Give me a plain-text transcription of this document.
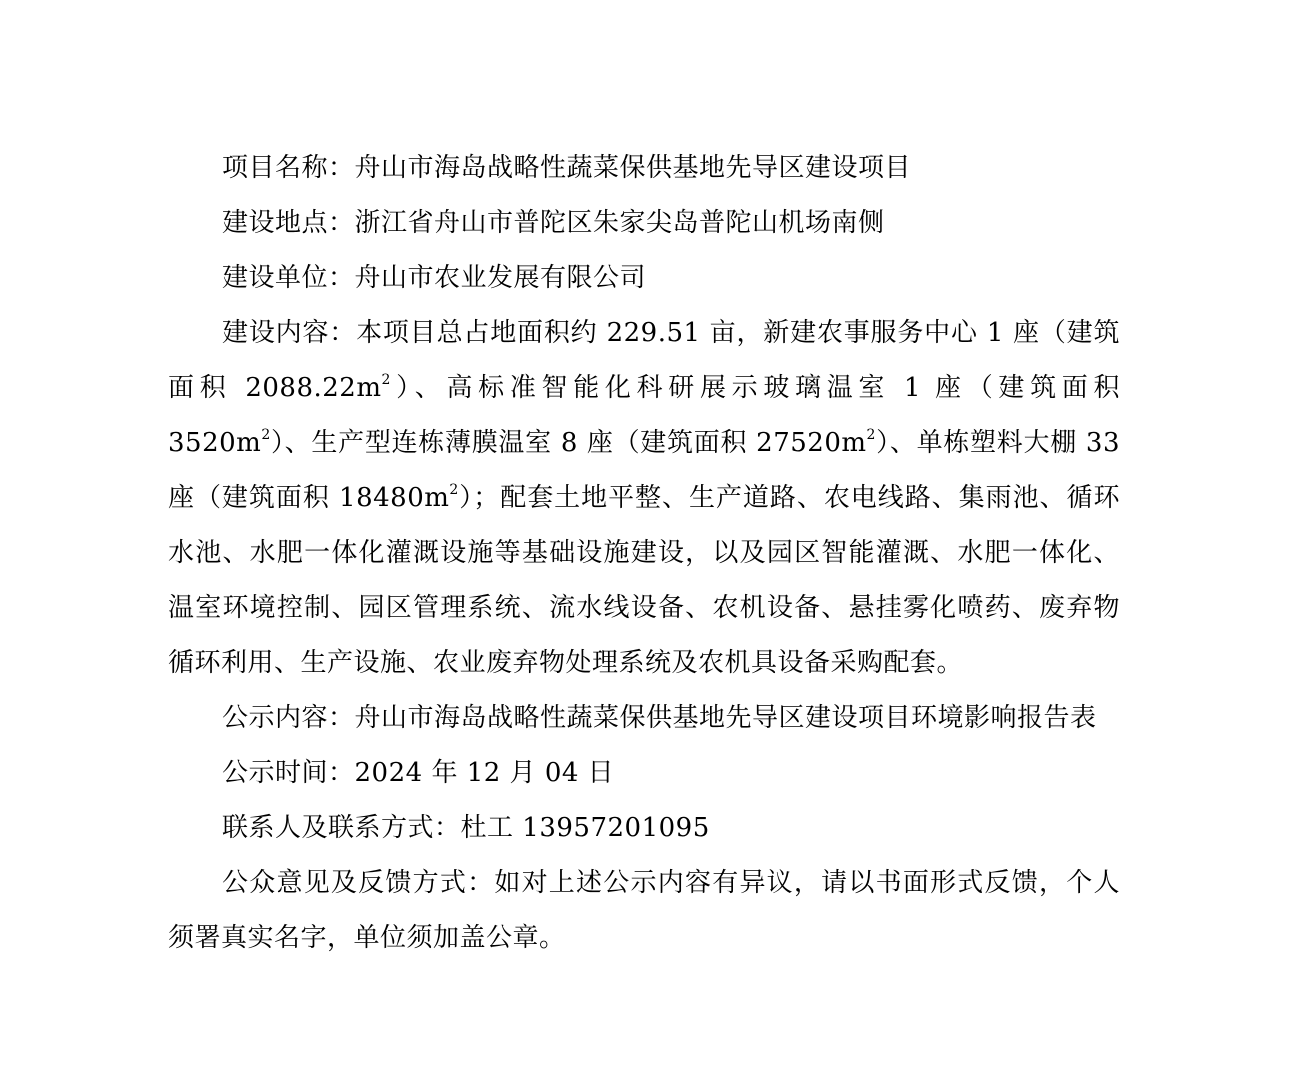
项目名称：舟山市海岛战略性蔬菜保供基地先导区建设项目

建设地点：浙江省舟山市普陀区朱家尖岛普陀山机场南侧

建设单位：舟山市农业发展有限公司

建设内容：本项目总占地面积约 229.51 亩，新建农事服务中心 1 座（建筑面积 $2088.22m^2$）、高标准智能化科研展示玻璃温室 1 座（建筑面积 $3520m^2$）、生产型连栋薄膜温室 8 座（建筑面积 $27520m^2$）、单栋塑料大棚 33 座（建筑面积 $18480m^2$）；配套土地平整、生产道路、农电线路、集雨池、循环水池、水肥一体化灌溉设施等基础设施建设，以及园区智能灌溉、水肥一体化、温室环境控制、园区管理系统、流水线设备、农机设备、悬挂雾化喷药、废弃物循环利用、生产设施、农业废弃物处理系统及农机具设备采购配套。

公示内容：舟山市海岛战略性蔬菜保供基地先导区建设项目环境影响报告表

公示时间：2024 年 12 月 04 日

联系人及联系方式：杜工 13957201095

公众意见及反馈方式：如对上述公示内容有异议，请以书面形式反馈，个人须署真实名字，单位须加盖公章。
